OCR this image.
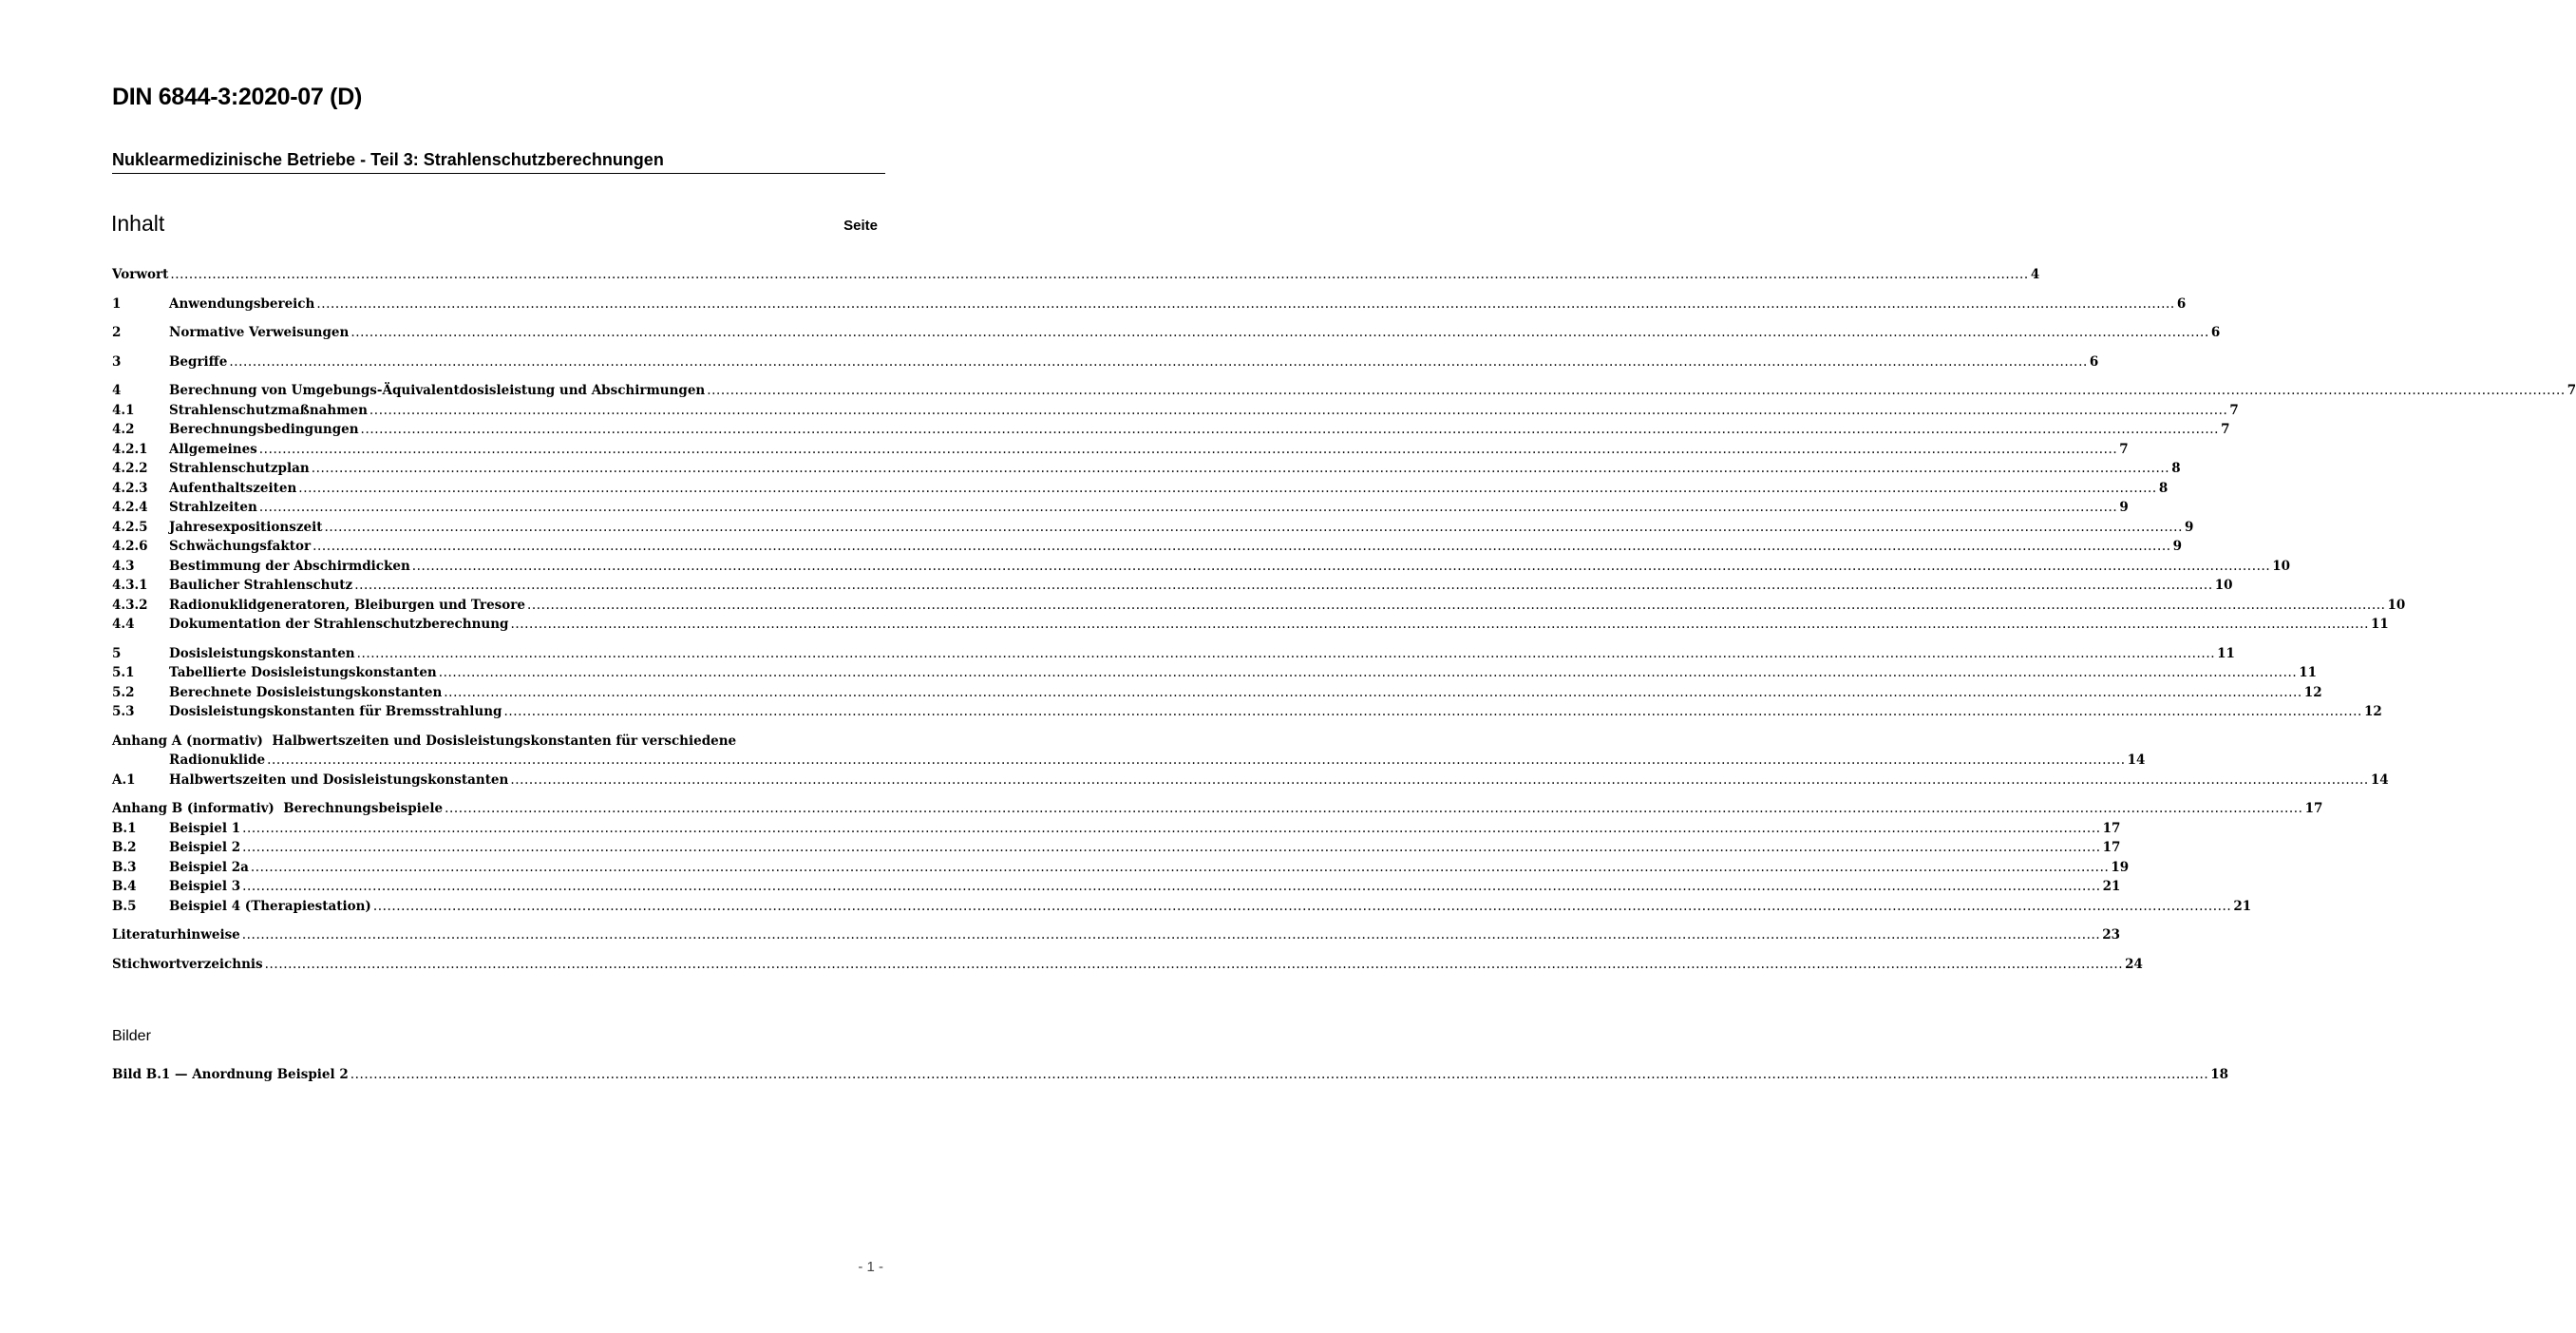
DIN 6844-3:2020-07 (D)
Nuklearmedizinische Betriebe - Teil 3: Strahlenschutzberechnungen
Inhalt	Seite
Vorwort ................................................................................................................................................................................................................................................................................................................................................................................................................ 4
1	Anwendungsbereich ................................................................................................................................................................................................................................................................................................................................................................................................................ 6
2	Normative Verweisungen ................................................................................................................................................................................................................................................................................................................................................................................................................ 6
3	Begriffe ................................................................................................................................................................................................................................................................................................................................................................................................................ 6
4	Berechnung von Umgebungs-Äquivalentdosisleistung und Abschirmungen ................................................................................................................................................................................................................................................................................................................................................................................................................ 7
4.1	Strahlenschutzmaßnahmen ................................................................................................................................................................................................................................................................................................................................................................................................................ 7
4.2	Berechnungsbedingungen ................................................................................................................................................................................................................................................................................................................................................................................................................ 7
4.2.1	Allgemeines ................................................................................................................................................................................................................................................................................................................................................................................................................ 7
4.2.2	Strahlenschutzplan ................................................................................................................................................................................................................................................................................................................................................................................................................ 8
4.2.3	Aufenthaltszeiten ................................................................................................................................................................................................................................................................................................................................................................................................................ 8
4.2.4	Strahlzeiten ................................................................................................................................................................................................................................................................................................................................................................................................................ 9
4.2.5	Jahresexpositionszeit ................................................................................................................................................................................................................................................................................................................................................................................................................ 9
4.2.6	Schwächungsfaktor ................................................................................................................................................................................................................................................................................................................................................................................................................ 9
4.3	Bestimmung der Abschirmdicken ................................................................................................................................................................................................................................................................................................................................................................................................................ 10
4.3.1	Baulicher Strahlenschutz ................................................................................................................................................................................................................................................................................................................................................................................................................ 10
4.3.2	Radionuklidgeneratoren, Bleiburgen und Tresore ................................................................................................................................................................................................................................................................................................................................................................................................................ 10
4.4	Dokumentation der Strahlenschutzberechnung ................................................................................................................................................................................................................................................................................................................................................................................................................ 11
5	Dosisleistungskonstanten ................................................................................................................................................................................................................................................................................................................................................................................................................ 11
5.1	Tabellierte Dosisleistungskonstanten ................................................................................................................................................................................................................................................................................................................................................................................................................ 11
5.2	Berechnete Dosisleistungskonstanten ................................................................................................................................................................................................................................................................................................................................................................................................................ 12
5.3	Dosisleistungskonstanten für Bremsstrahlung ................................................................................................................................................................................................................................................................................................................................................................................................................ 12
Anhang A (normativ) Halbwertszeiten und Dosisleistungskonstanten für verschiedene
Radionuklide ................................................................................................................................................................................................................................................................................................................................................................................................................ 14
A.1	Halbwertszeiten und Dosisleistungskonstanten ................................................................................................................................................................................................................................................................................................................................................................................................................ 14
Anhang B (informativ)
Berechnungsbeispiele ................................................................................................................................................................................................................................................................................................................................................................................................................ 17
B.1	Beispiel 1 ................................................................................................................................................................................................................................................................................................................................................................................................................ 17
B.2	Beispiel 2 ................................................................................................................................................................................................................................................................................................................................................................................................................ 17
B.3	Beispiel 2a ................................................................................................................................................................................................................................................................................................................................................................................................................ 19
B.4	Beispiel 3 ................................................................................................................................................................................................................................................................................................................................................................................................................ 21
B.5	Beispiel 4 (Therapiestation) ................................................................................................................................................................................................................................................................................................................................................................................................................ 21
Literaturhinweise ................................................................................................................................................................................................................................................................................................................................................................................................................ 23
Stichwortverzeichnis ................................................................................................................................................................................................................................................................................................................................................................................................................ 24
Bilder
Bild B.1 — Anordnung Beispiel 2 ................................................................................................................................................................................................................................................................................................................................................................................................................ 18
- 1 -
